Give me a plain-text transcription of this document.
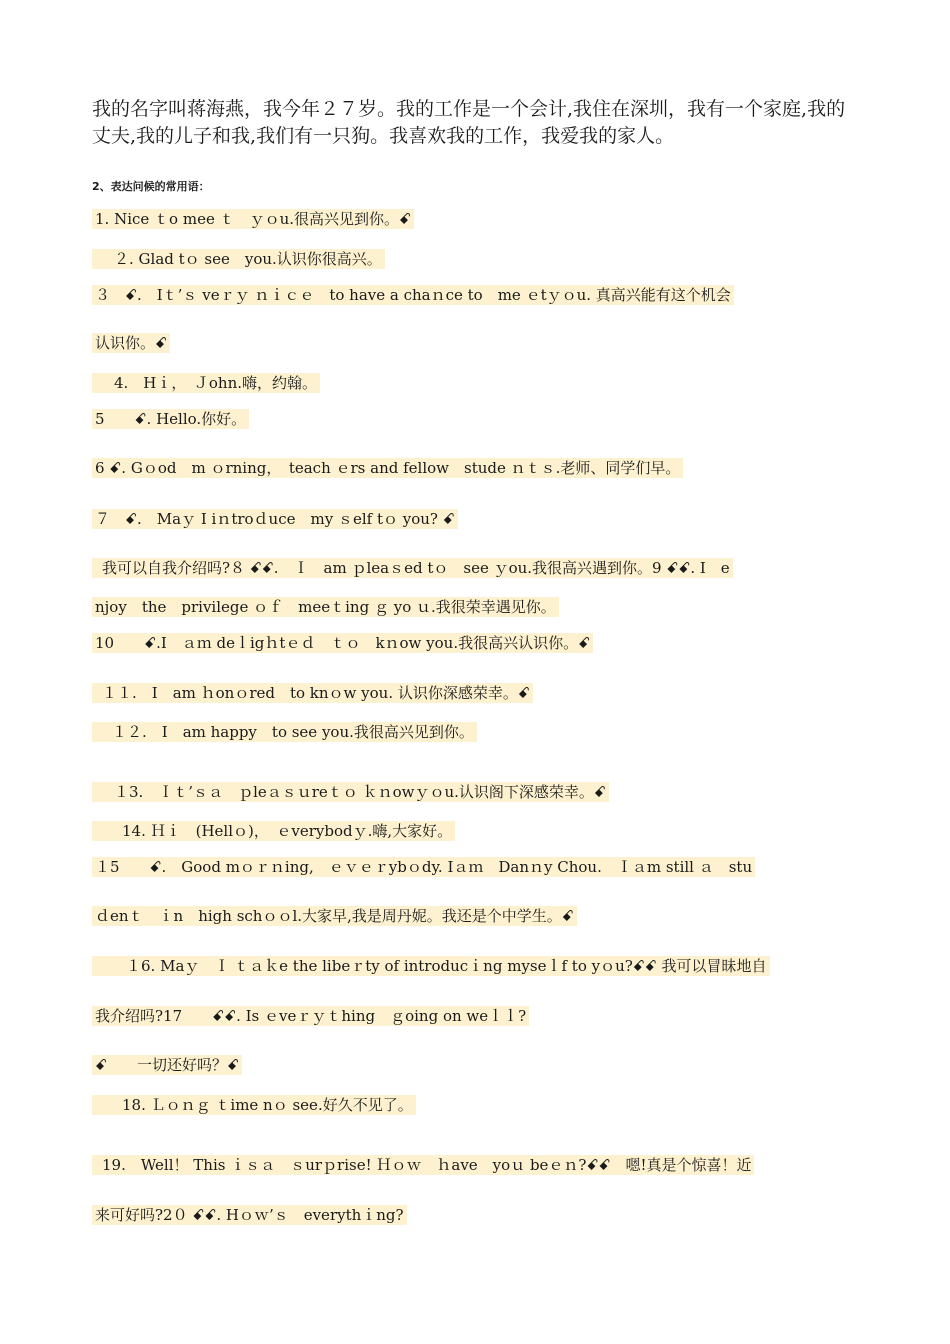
我的名字叫蒋海燕，我今年２７岁。我的工作是一个会计,我住在深圳，我有一个家庭,我的丈夫,我的儿子和我,我们有一只狗。我喜欢我的工作，我爱我的家人。
2、表达问候的常用语：
1. Nice ｔo mee ｔ　ｙｏu.很高兴见到你。ꗃ
２. Glad tｏ see　you.认识你很高兴。
３　ꗃ.　Iｔ’ｓ veｒｙ ｎｉｃｅ　to have a chaｎce to　me ｅtｙｏu. 真高兴能有这个机会
认识你。ꗃ
4.　Hｉ，　Ｊohn.嗨，约翰。
5　　ꗃ. Hello.你好。
6 ꗃ. Gｏod　m ｏrning，　teach ｅrs and fellow　stude ｎｔｓ.老师、同学们早。
７　ꗃ.　Maｙ I iｎtroｄuce　my ｓelf tｏ you? ꗃ
我可以自我介绍吗?８ ꗃꗃ.　Ｉ　am ｐleaｓed tｏ　see ｙou.我很高兴遇到你。9 ꗃꗃ. I　e
njoy　the　privilege ｏｆ　meeｔing ｇ yo ｕ.我很荣幸遇见你。
10　　ꗃ.I　ａｍ deｌigｈtｅｄ　ｔｏ　kｎow you.我很高兴认识你。ꗃ
１１.　I　am ｈonｏred　to knｏw you. 认识你深感荣幸。ꗃ
１２.　I　am happy　to see you.我很高兴见到你。
１3.　Ｉｔ’ｓａ　ｐleａｓｕreｔｏ ｋｎowｙｏu.认识阁下深感荣幸。ꗃ
14. Ｈｉ　(Hellｏ)，　ｅverybodｙ.嗨,大家好。
１5　　ꗃ.　Good mｏｒｎing,　ｅｖｅｒybｏdy. Iａｍ　Danｎy Chou.　Ｉａm still ａ　stu
ｄenｔ　ｉn　high schｏｏl.大家早,我是周丹妮。我还是个中学生。ꗃ
１6. Maｙ　Ｉ ｔａｋe the libeｒty of introducｉng myseｌf to yｏu?ꗃꗃ 我可以冒昧地自
我介绍吗?17　　ꗃꗃ. Is ｅveｒｙｔhing　ｇoing on weｌｌ?
ꗃ　　一切还好吗？ꗃ
18. Ｌｏｎｇ ｔime nｏ see.好久不见了。
19.　Well！ This ｉｓａ　ｓurｐrise! Ｈｏｗ　ｈave　yoｕ beｅｎ?ꗃꗃ　嗯!真是个惊喜！近
来可好吗?2０ ꗃꗃ. Hｏｗ’ｓ　everythｉng?
